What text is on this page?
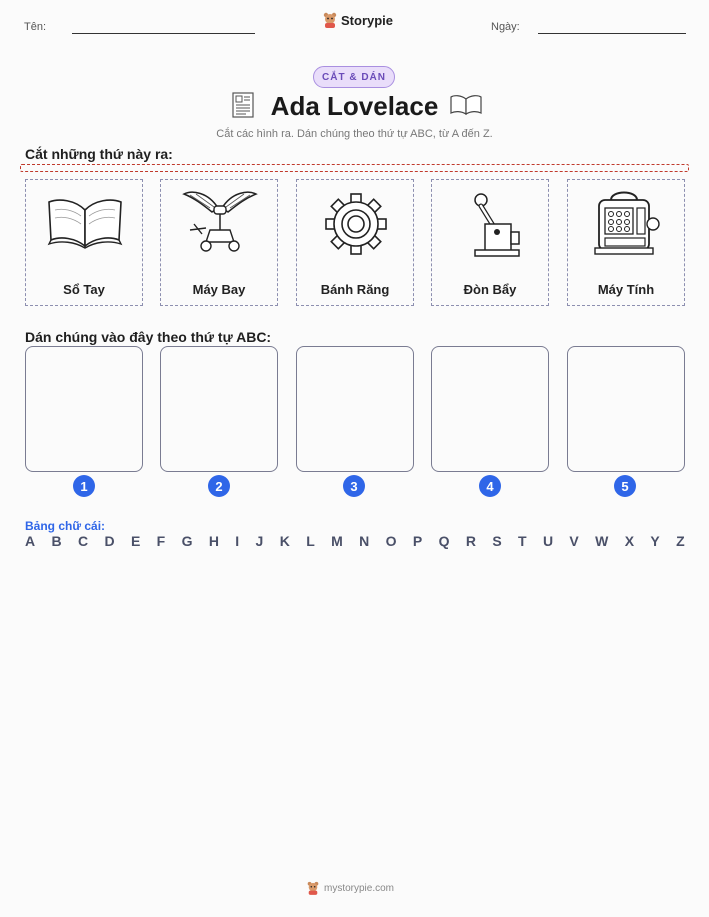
Tên:	Storypie	Ngày:
CẮT & DÁN
Ada Lovelace
Cắt các hình ra. Dán chúng theo thứ tự ABC, từ A đến Z.
Cắt những thứ này ra:
Sổ Tay	Máy Bay	Bánh Răng	Đòn Bẩy	Máy Tính
Dán chúng vào đây theo thứ tự ABC:
1	2	3	4	5
Bảng chữ cái:
A B C D E F G H I J K L M N O P Q R S T U V W X Y Z
mystorypie.com
